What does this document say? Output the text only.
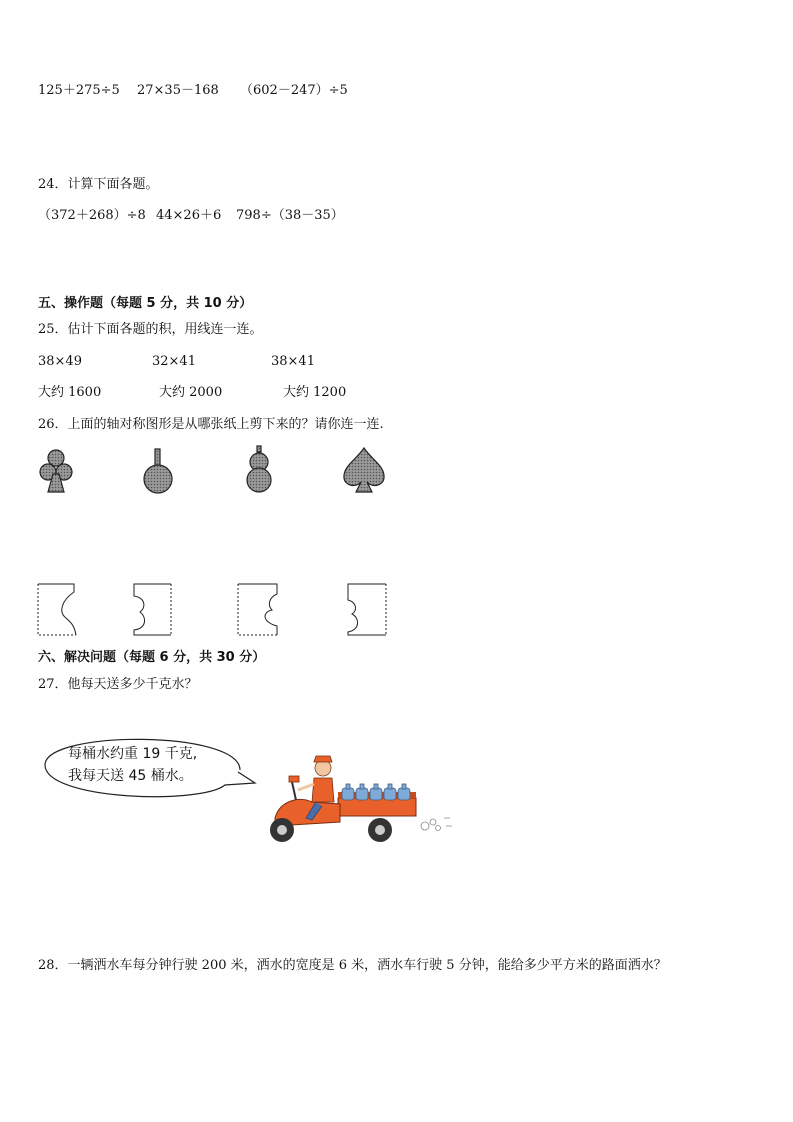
125＋275÷5 27×35－168 （602－247）÷5
24．计算下面各题。
（372＋268）÷8 44×26＋6 798÷（38－35）
五、操作题（每题 5 分，共 10 分）
25．估计下面各题的积，用线连一连。
38×49	32×41	38×41
大约 1600	大约 2000	大约 1200
26．上面的轴对称图形是从哪张纸上剪下来的？请你连一连.
六、解决问题（每题 6 分，共 30 分）
27．他每天送多少千克水？
每桶水约重 19 千克,
我每天送 45 桶水。
28．一辆洒水车每分钟行驶 200 米，洒水的宽度是 6 米，洒水车行驶 5 分钟，能给多少平方米的路面洒水？
